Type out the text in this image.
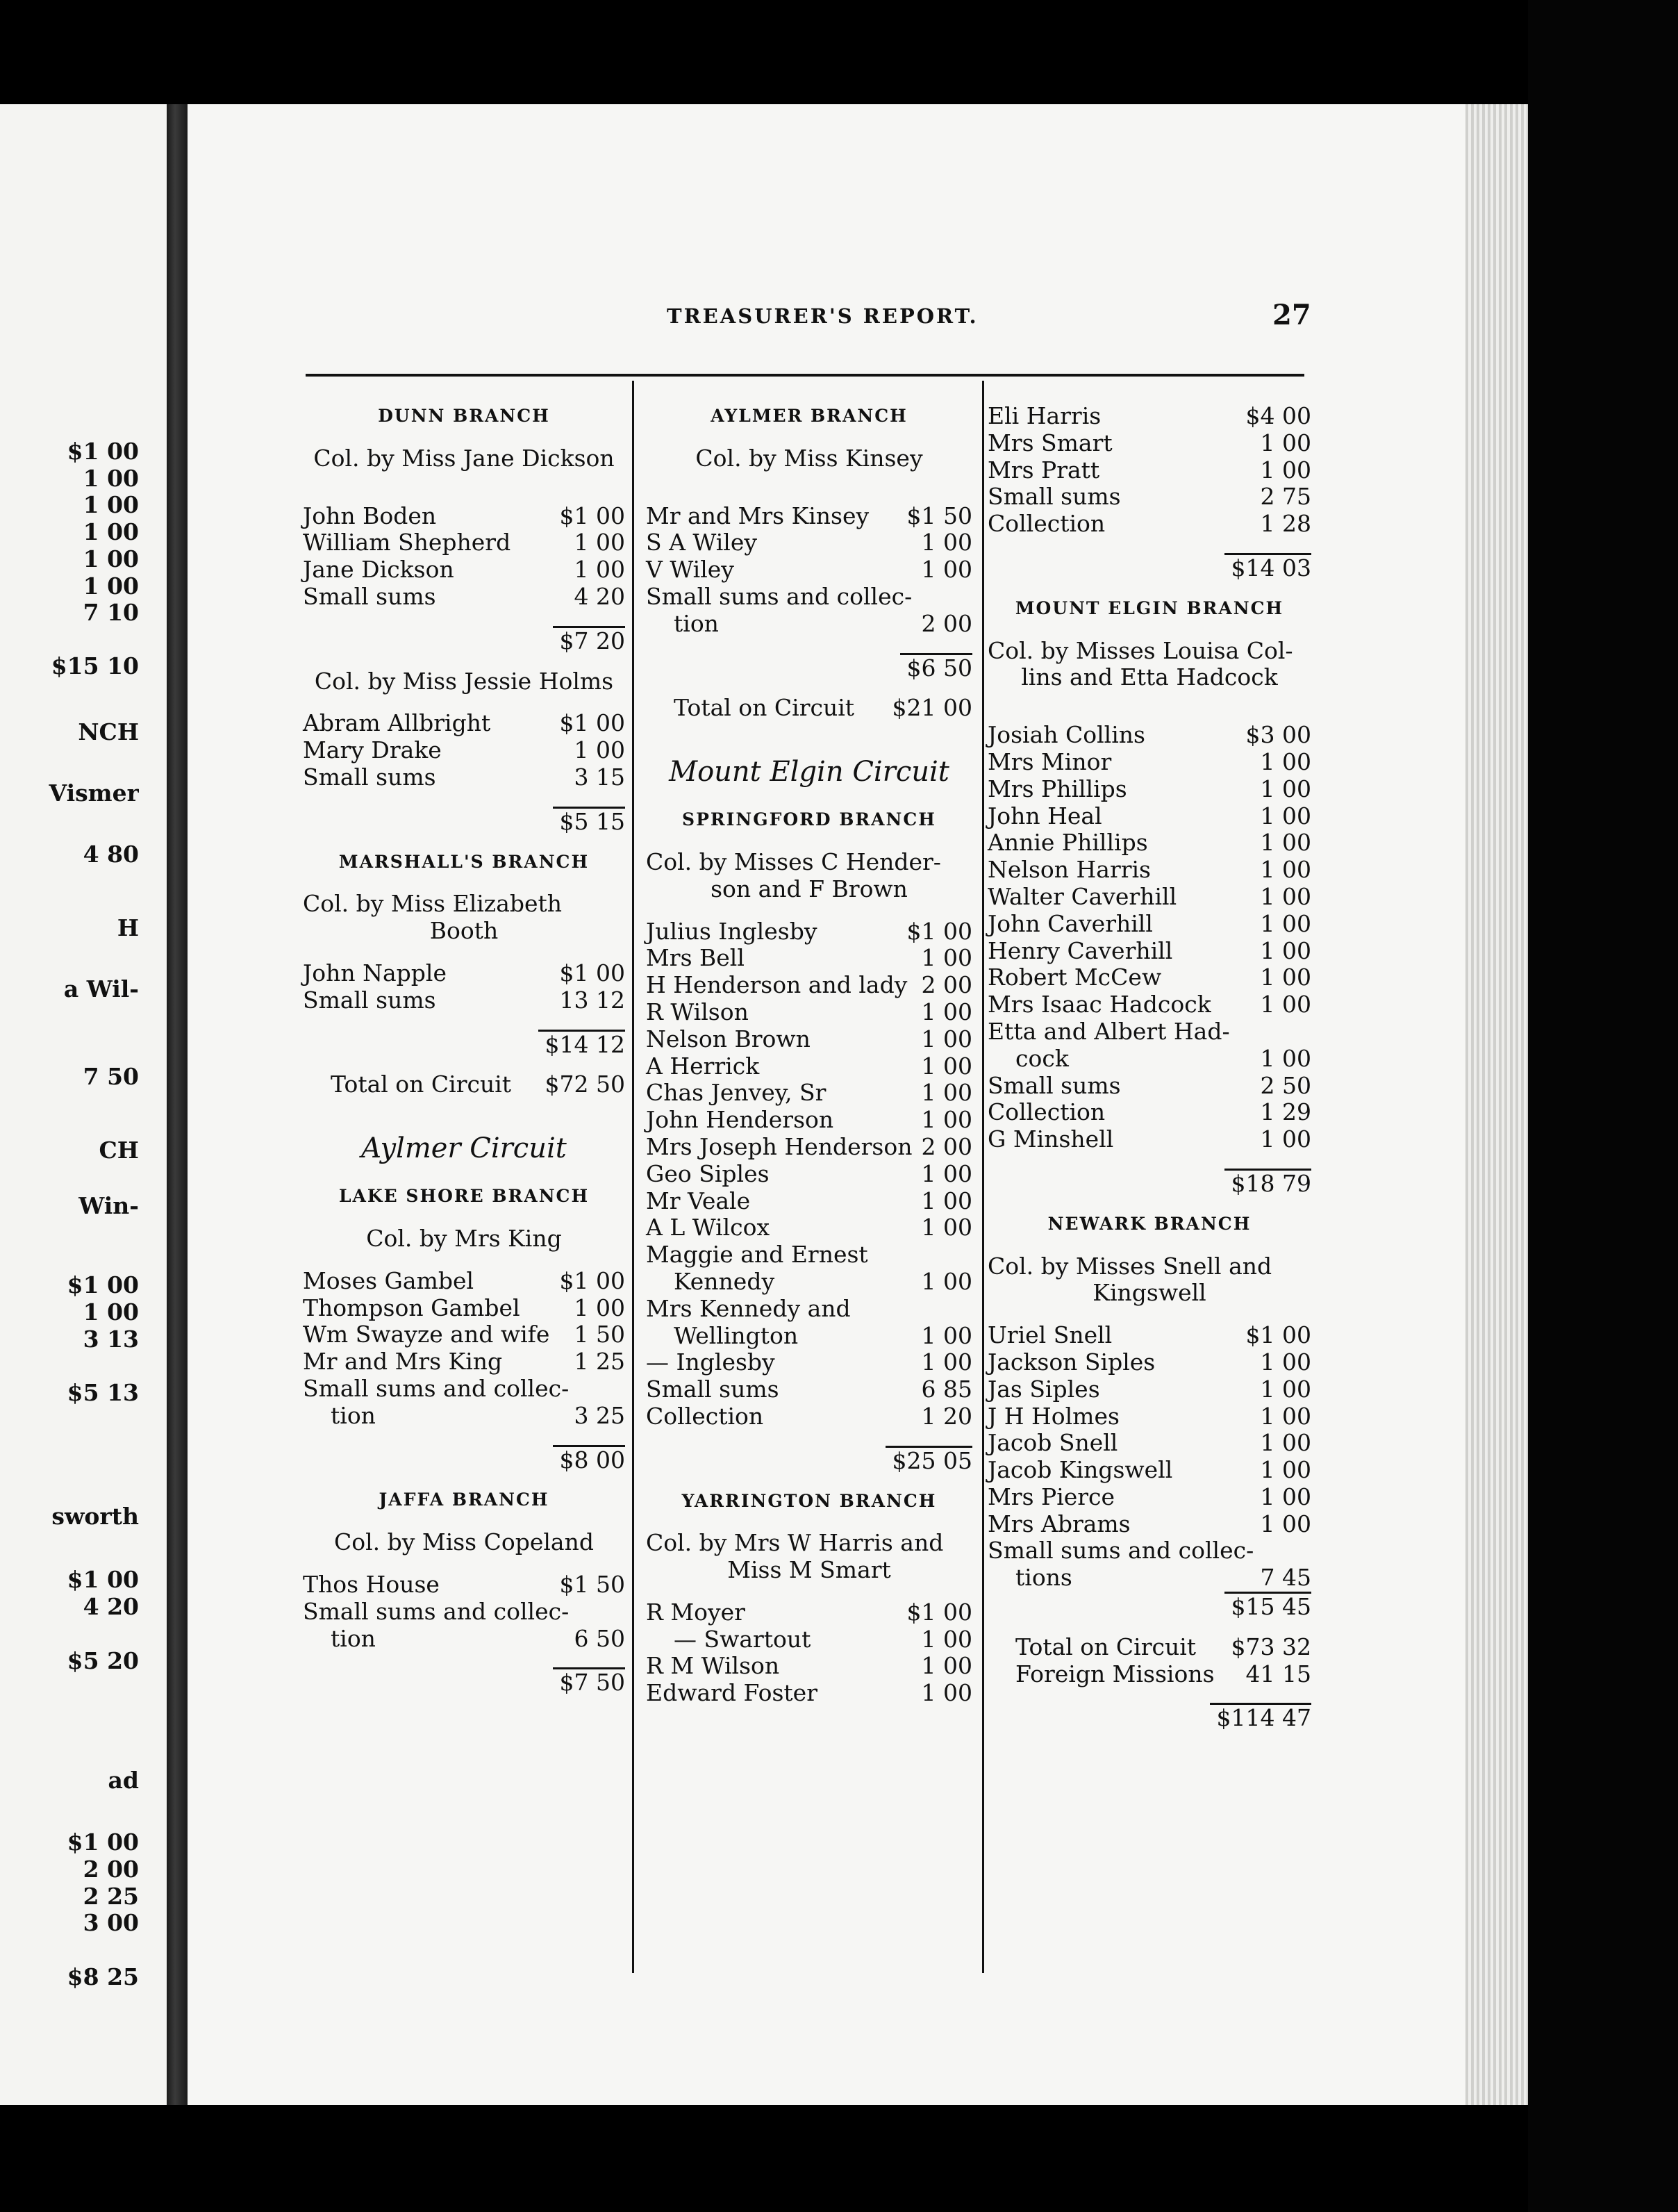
TREASURER'S REPORT.	27
$1 00
1 00
1 00
1 00
1 00
1 00
7 10
$15 10
NCH
Vismer
4 80
H
a Wil-
7 50
CH
Win-
$1 00
1 00
3 13
$5 13
sworth
$1 00
4 20
$5 20
ad
$1 00
2 00
2 25
3 00
$8 25
DUNN BRANCH
Col. by Miss Jane Dickson
John Boden	$1 00
William Shepherd	1 00
Jane Dickson	1 00
Small sums	4 20
$7 20
Col. by Miss Jessie Holms
Abram Allbright	$1 00
Mary Drake	1 00
Small sums	3 15
$5 15
MARSHALL'S BRANCH
Col. by Miss Elizabeth
Booth
John Napple	$1 00
Small sums	13 12
$14 12
Total on Circuit $72 50
Aylmer Circuit
LAKE SHORE BRANCH
Col. by Mrs King
Moses Gambel	$1 00
Thompson Gambel 1 00
Wm Swayze and wife 1 50
Mr and Mrs King	1 25
Small sums and collec-
tion	3 25
$8 00
JAFFA BRANCH
Col. by Miss Copeland
Thos House	$1 50
Small sums and collec-
tion	6 50
$7 50
AYLMER BRANCH
Col. by Miss Kinsey
Mr and Mrs Kinsey $1 50
S A Wiley	1 00
V Wiley	1 00
Small sums and collec-
tion	2 00
$6 50
Total on Circuit $21 00
Mount Elgin Circuit
SPRINGFORD BRANCH
Col. by Misses C Hender-
son and F Brown
Julius Inglesby	$1 00
Mrs Bell	1 00
H Henderson and lady 2 00
R Wilson	1 00
Nelson Brown	1 00
A Herrick	1 00
Chas Jenvey, Sr	1 00
John Henderson	1 00
Mrs Joseph Henderson 2 00
Geo Siples	1 00
Mr Veale	1 00
A L Wilcox	1 00
Maggie and Ernest
Kennedy	1 00
Mrs Kennedy and
Wellington	1 00
— Inglesby	1 00
Small sums	6 85
Collection	1 20
$25 05
YARRINGTON BRANCH
Col. by Mrs W Harris and
Miss M Smart
R Moyer	$1 00
— Swartout	1 00
R M Wilson	1 00
Edward Foster	1 00
Eli Harris	$4 00
Mrs Smart	1 00
Mrs Pratt	1 00
Small sums	2 75
Collection	1 28
$14 03
MOUNT ELGIN BRANCH
Col. by Misses Louisa Col-
lins and Etta Hadcock
Josiah Collins	$3 00
Mrs Minor	1 00
Mrs Phillips	1 00
John Heal	1 00
Annie Phillips	1 00
Nelson Harris	1 00
Walter Caverhill	1 00
John Caverhill	1 00
Henry Caverhill	1 00
Robert McCew	1 00
Mrs Isaac Hadcock 1 00
Etta and Albert Had-
cock	1 00
Small sums	2 50
Collection	1 29
G Minshell	1 00
$18 79
NEWARK BRANCH
Col. by Misses Snell and
Kingswell
Uriel Snell	$1 00
Jackson Siples	1 00
Jas Siples	1 00
J H Holmes	1 00
Jacob Snell	1 00
Jacob Kingswell	1 00
Mrs Pierce	1 00
Mrs Abrams	1 00
Small sums and collec-
tions	7 45
$15 45
Total on Circuit $73 32
Foreign Missions 41 15
$114 47
